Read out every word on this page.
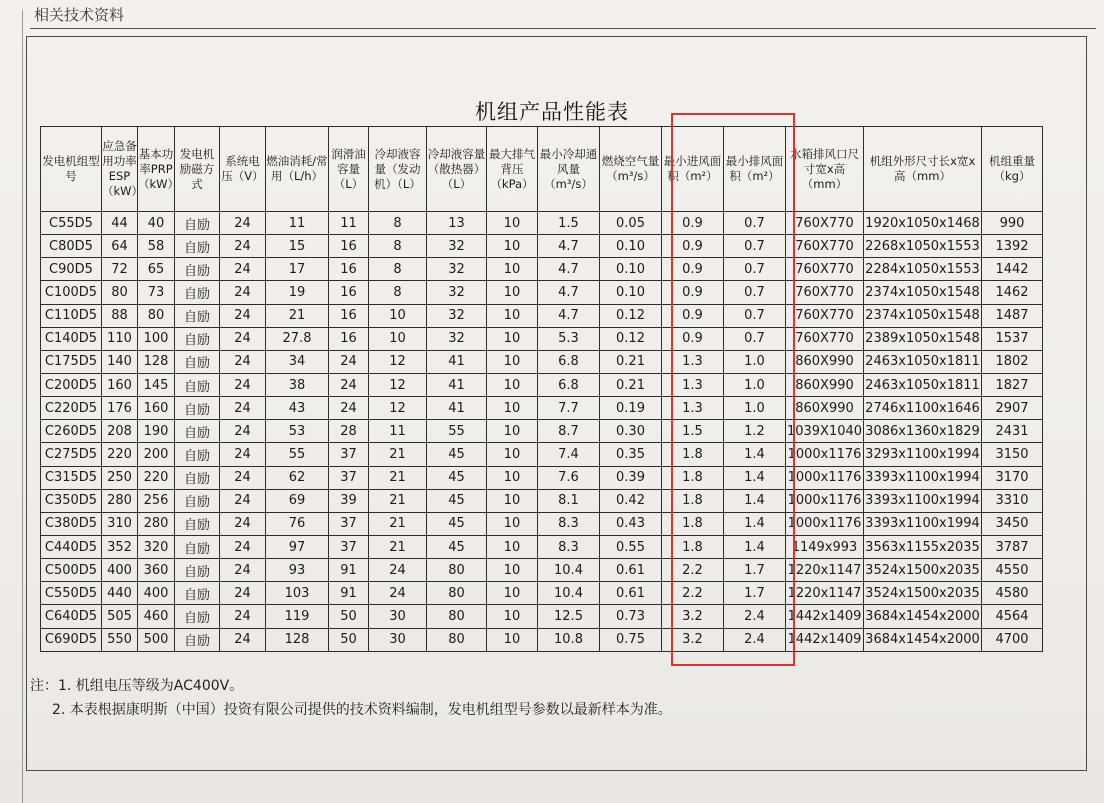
相关技术资料
机组产品性能表
发电机组型号	应急备用功率ESP（kW）	基本功率PRP（kW）	发电机励磁方式	系统电压（V）	燃油消耗/常用（L/h）	润滑油容量（L）	冷却液容量（发动机）（L）	冷却液容量（散热器）（L）	最大排气背压（kPa）	最小冷却通风量（m³/s）	燃烧空气量（m³/s）	最小进风面积（m²）	最小排风面积（m²）	水箱排风口尺寸宽x高（mm）	机组外形尺寸长x宽x高（mm）	机组重量（kg）
C55D5	44	40	自励	24	11	11	8	13	10	1.5	0.05	0.9	0.7	760X770	1920x1050x1468	990
C80D5	64	58	自励	24	15	16	8	32	10	4.7	0.10	0.9	0.7	760X770	2268x1050x1553	1392
C90D5	72	65	自励	24	17	16	8	32	10	4.7	0.10	0.9	0.7	760X770	2284x1050x1553	1442
C100D5	80	73	自励	24	19	16	8	32	10	4.7	0.10	0.9	0.7	760X770	2374x1050x1548	1462
C110D5	88	80	自励	24	21	16	10	32	10	4.7	0.12	0.9	0.7	760X770	2374x1050x1548	1487
C140D5	110	100	自励	24	27.8	16	10	32	10	5.3	0.12	0.9	0.7	760X770	2389x1050x1548	1537
C175D5	140	128	自励	24	34	24	12	41	10	6.8	0.21	1.3	1.0	860X990	2463x1050x1811	1802
C200D5	160	145	自励	24	38	24	12	41	10	6.8	0.21	1.3	1.0	860X990	2463x1050x1811	1827
C220D5	176	160	自励	24	43	24	12	41	10	7.7	0.19	1.3	1.0	860X990	2746x1100x1646	2907
C260D5	208	190	自励	24	53	28	11	55	10	8.7	0.30	1.5	1.2	1039X1040	3086x1360x1829	2431
C275D5	220	200	自励	24	55	37	21	45	10	7.4	0.35	1.8	1.4	1000x1176	3293x1100x1994	3150
C315D5	250	220	自励	24	62	37	21	45	10	7.6	0.39	1.8	1.4	1000x1176	3393x1100x1994	3170
C350D5	280	256	自励	24	69	39	21	45	10	8.1	0.42	1.8	1.4	1000x1176	3393x1100x1994	3310
C380D5	310	280	自励	24	76	37	21	45	10	8.3	0.43	1.8	1.4	1000x1176	3393x1100x1994	3450
C440D5	352	320	自励	24	97	37	21	45	10	8.3	0.55	1.8	1.4	1149x993	3563x1155x2035	3787
C500D5	400	360	自励	24	93	91	24	80	10	10.4	0.61	2.2	1.7	1220x1147	3524x1500x2035	4550
C550D5	440	400	自励	24	103	91	24	80	10	10.4	0.61	2.2	1.7	1220x1147	3524x1500x2035	4580
C640D5	505	460	自励	24	119	50	30	80	10	12.5	0.73	3.2	2.4	1442x1409	3684x1454x2000	4564
C690D5	550	500	自励	24	128	50	30	80	10	10.8	0.75	3.2	2.4	1442x1409	3684x1454x2000	4700
注：1. 机组电压等级为AC400V。
2. 本表根据康明斯（中国）投资有限公司提供的技术资料编制，发电机组型号参数以最新样本为准。
